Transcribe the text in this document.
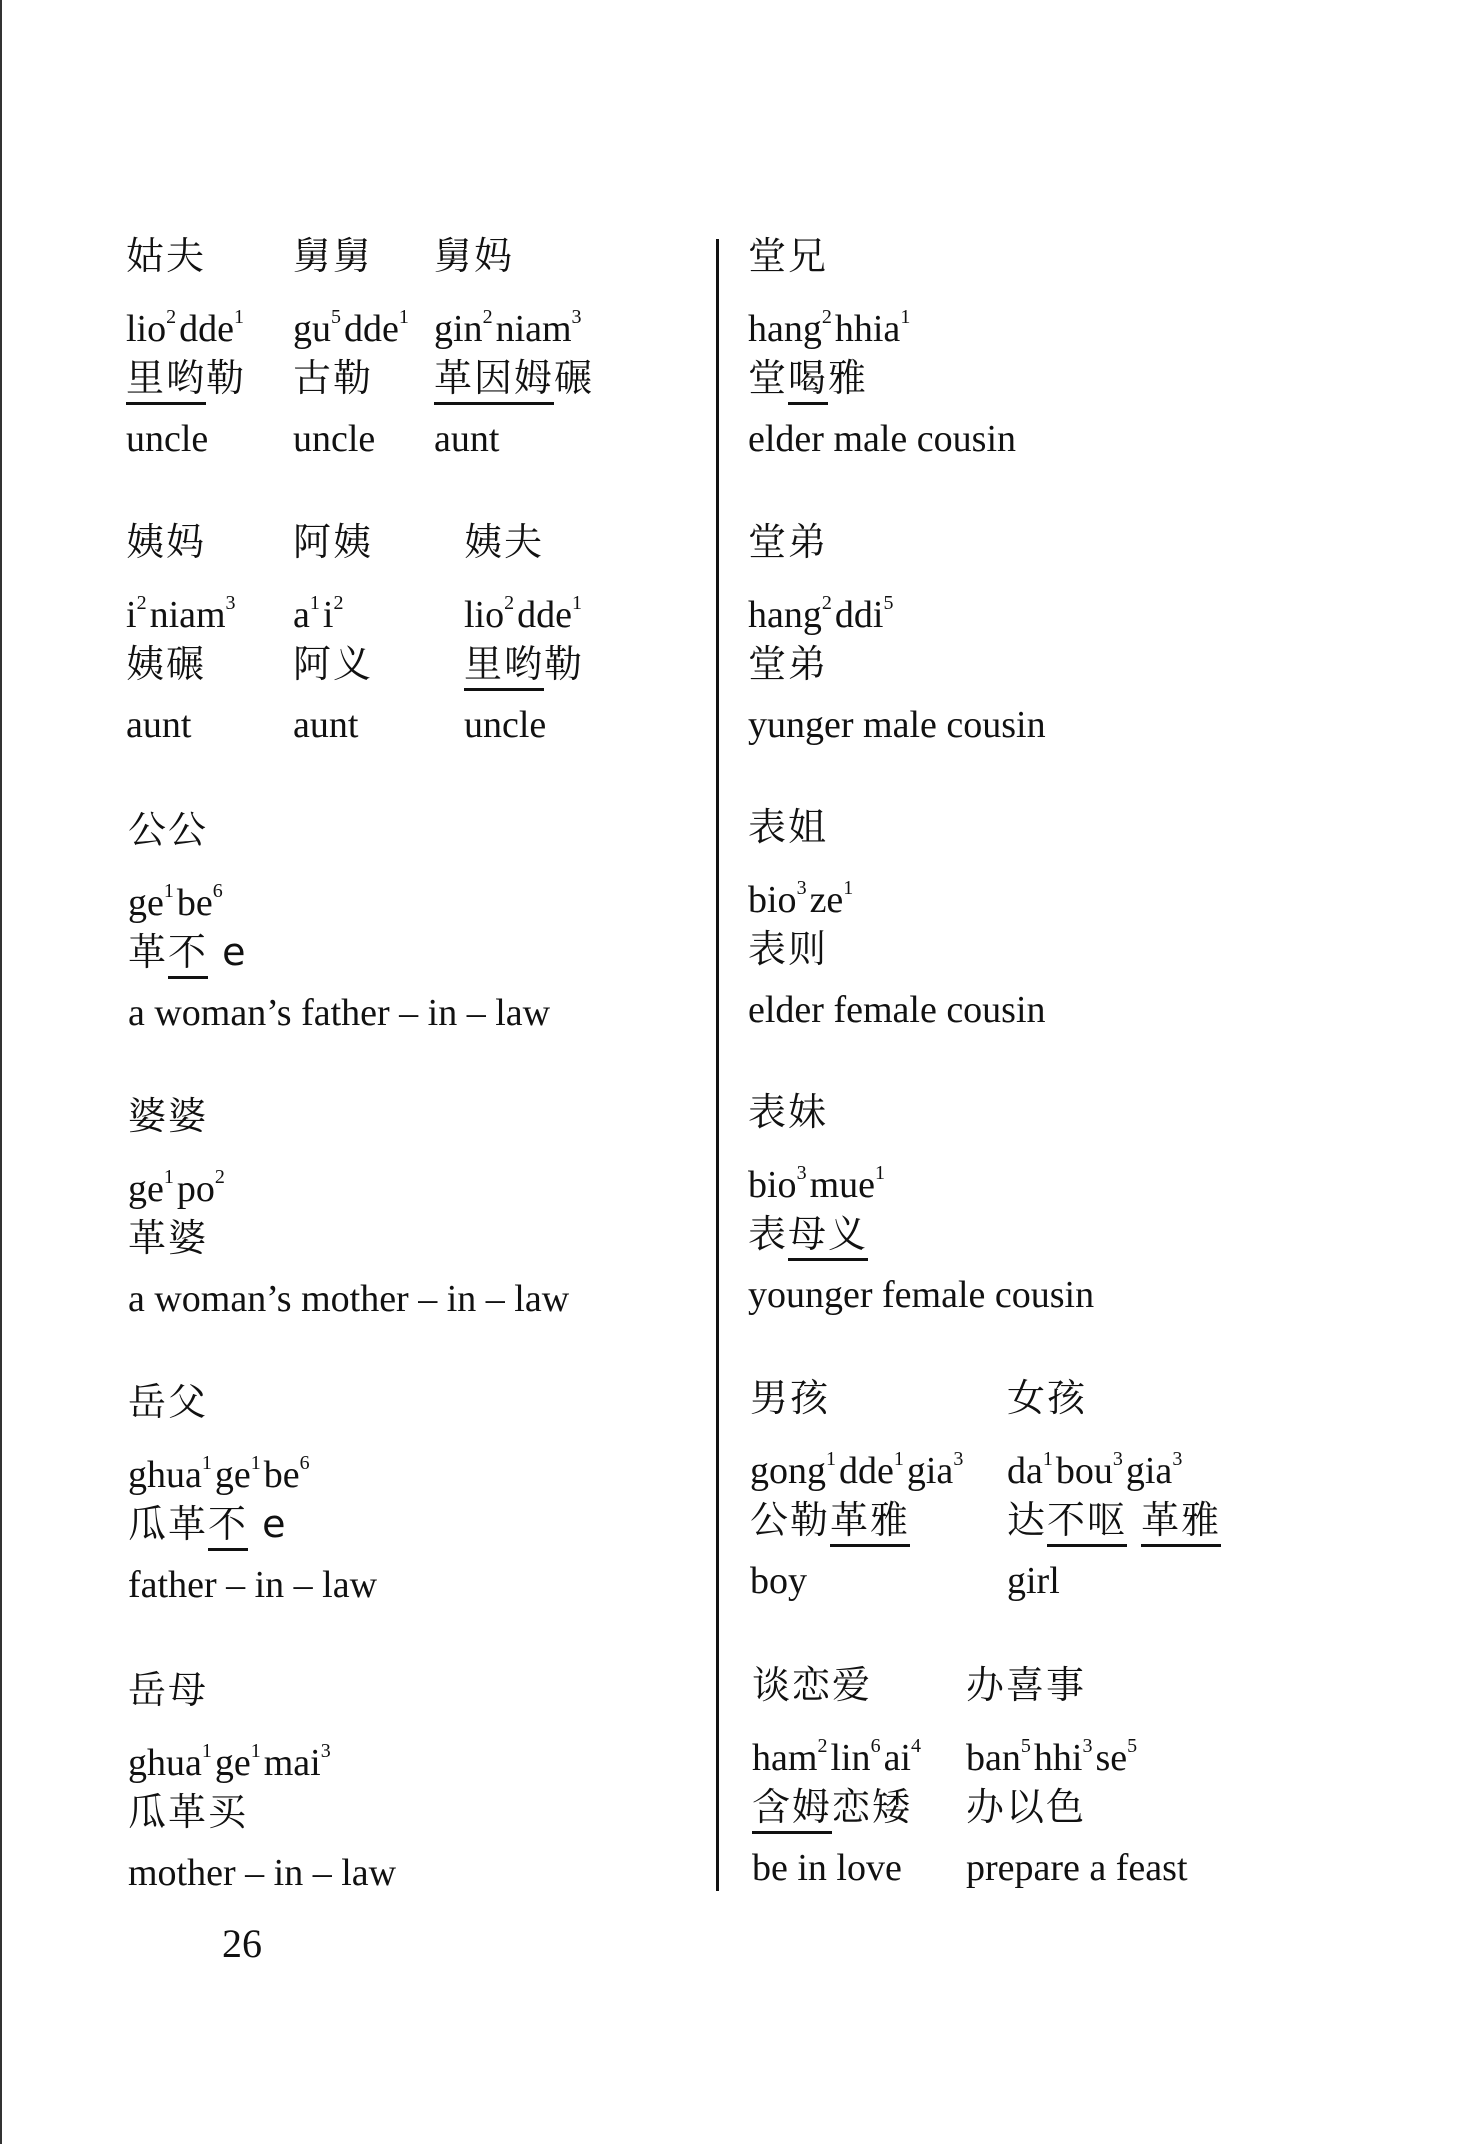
姑夫
lio$^2$dde$^1$
里哟勒
uncle
舅舅
$gu^5dde^1$
古勒
uncle
舅妈
gin$^2$niam$^3$
革因姆碾
aunt
姨妈
$i^2niam^3$
姨碾
aunt
阿姨
$a^1i^2$
阿义
aunt
姨夫
lio$^2$dde$^1$
里哟勒
uncle
公公
$ge^1be^6$
革不 e
a woman’s father – in – law
婆婆
$ge^1po^2$
革婆
a woman’s mother – in – law
岳父
$ghua^1ge^1be^6$
瓜革不 e
father – in – law
岳母
$ghua^1ge^1mai^3$
瓜革买
mother – in – law
堂兄
hang$^2$hhia$^1$
堂喝雅
elder male cousin
堂弟
hang$^2$ddi$^5$
堂弟
yunger male cousin
表姐
$bio^3ze^1$
表则
elder female cousin
表妹
bio$^3$mue$^1$
表母义
younger female cousin
男孩
gong$^1$dde$^1$gia$^3$
公勒革雅
boy
女孩
$da^1bou^3gia^3$
达不呕 革雅
girl
谈恋爱
$ham^2lin^6ai^4$
含姆恋矮
be in love
办喜事
$ban^5hhi^3se^5$
办以色
prepare a feast
26
